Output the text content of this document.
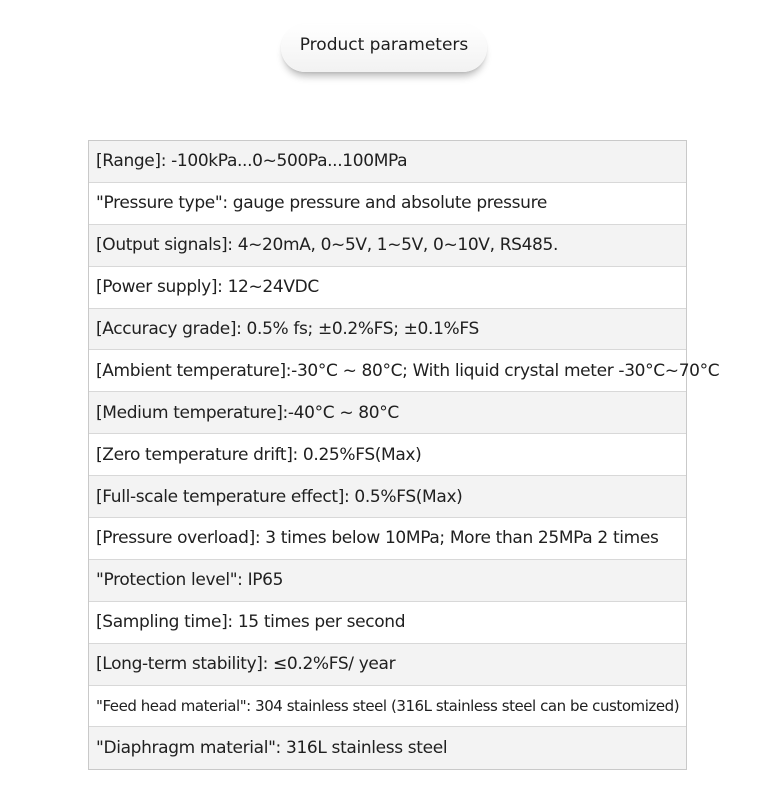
Product parameters
[Range]: -100kPa...0~500Pa...100MPa
"Pressure type": gauge pressure and absolute pressure
[Output signals]: 4~20mA, 0~5V, 1~5V, 0~10V, RS485.
[Power supply]: 12~24VDC
[Accuracy grade]: 0.5% fs; ±0.2%FS; ±0.1%FS
[Ambient temperature]:-30°C ~ 80°C; With liquid crystal meter -30°C~70°C
[Medium temperature]:-40°C ~ 80°C
[Zero temperature drift]: 0.25%FS(Max)
[Full-scale temperature effect]: 0.5%FS(Max)
[Pressure overload]: 3 times below 10MPa; More than 25MPa 2 times
"Protection level": IP65
[Sampling time]: 15 times per second
[Long-term stability]: ≤0.2%FS/ year
"Feed head material": 304 stainless steel (316L stainless steel can be customized)
"Diaphragm material": 316L stainless steel
